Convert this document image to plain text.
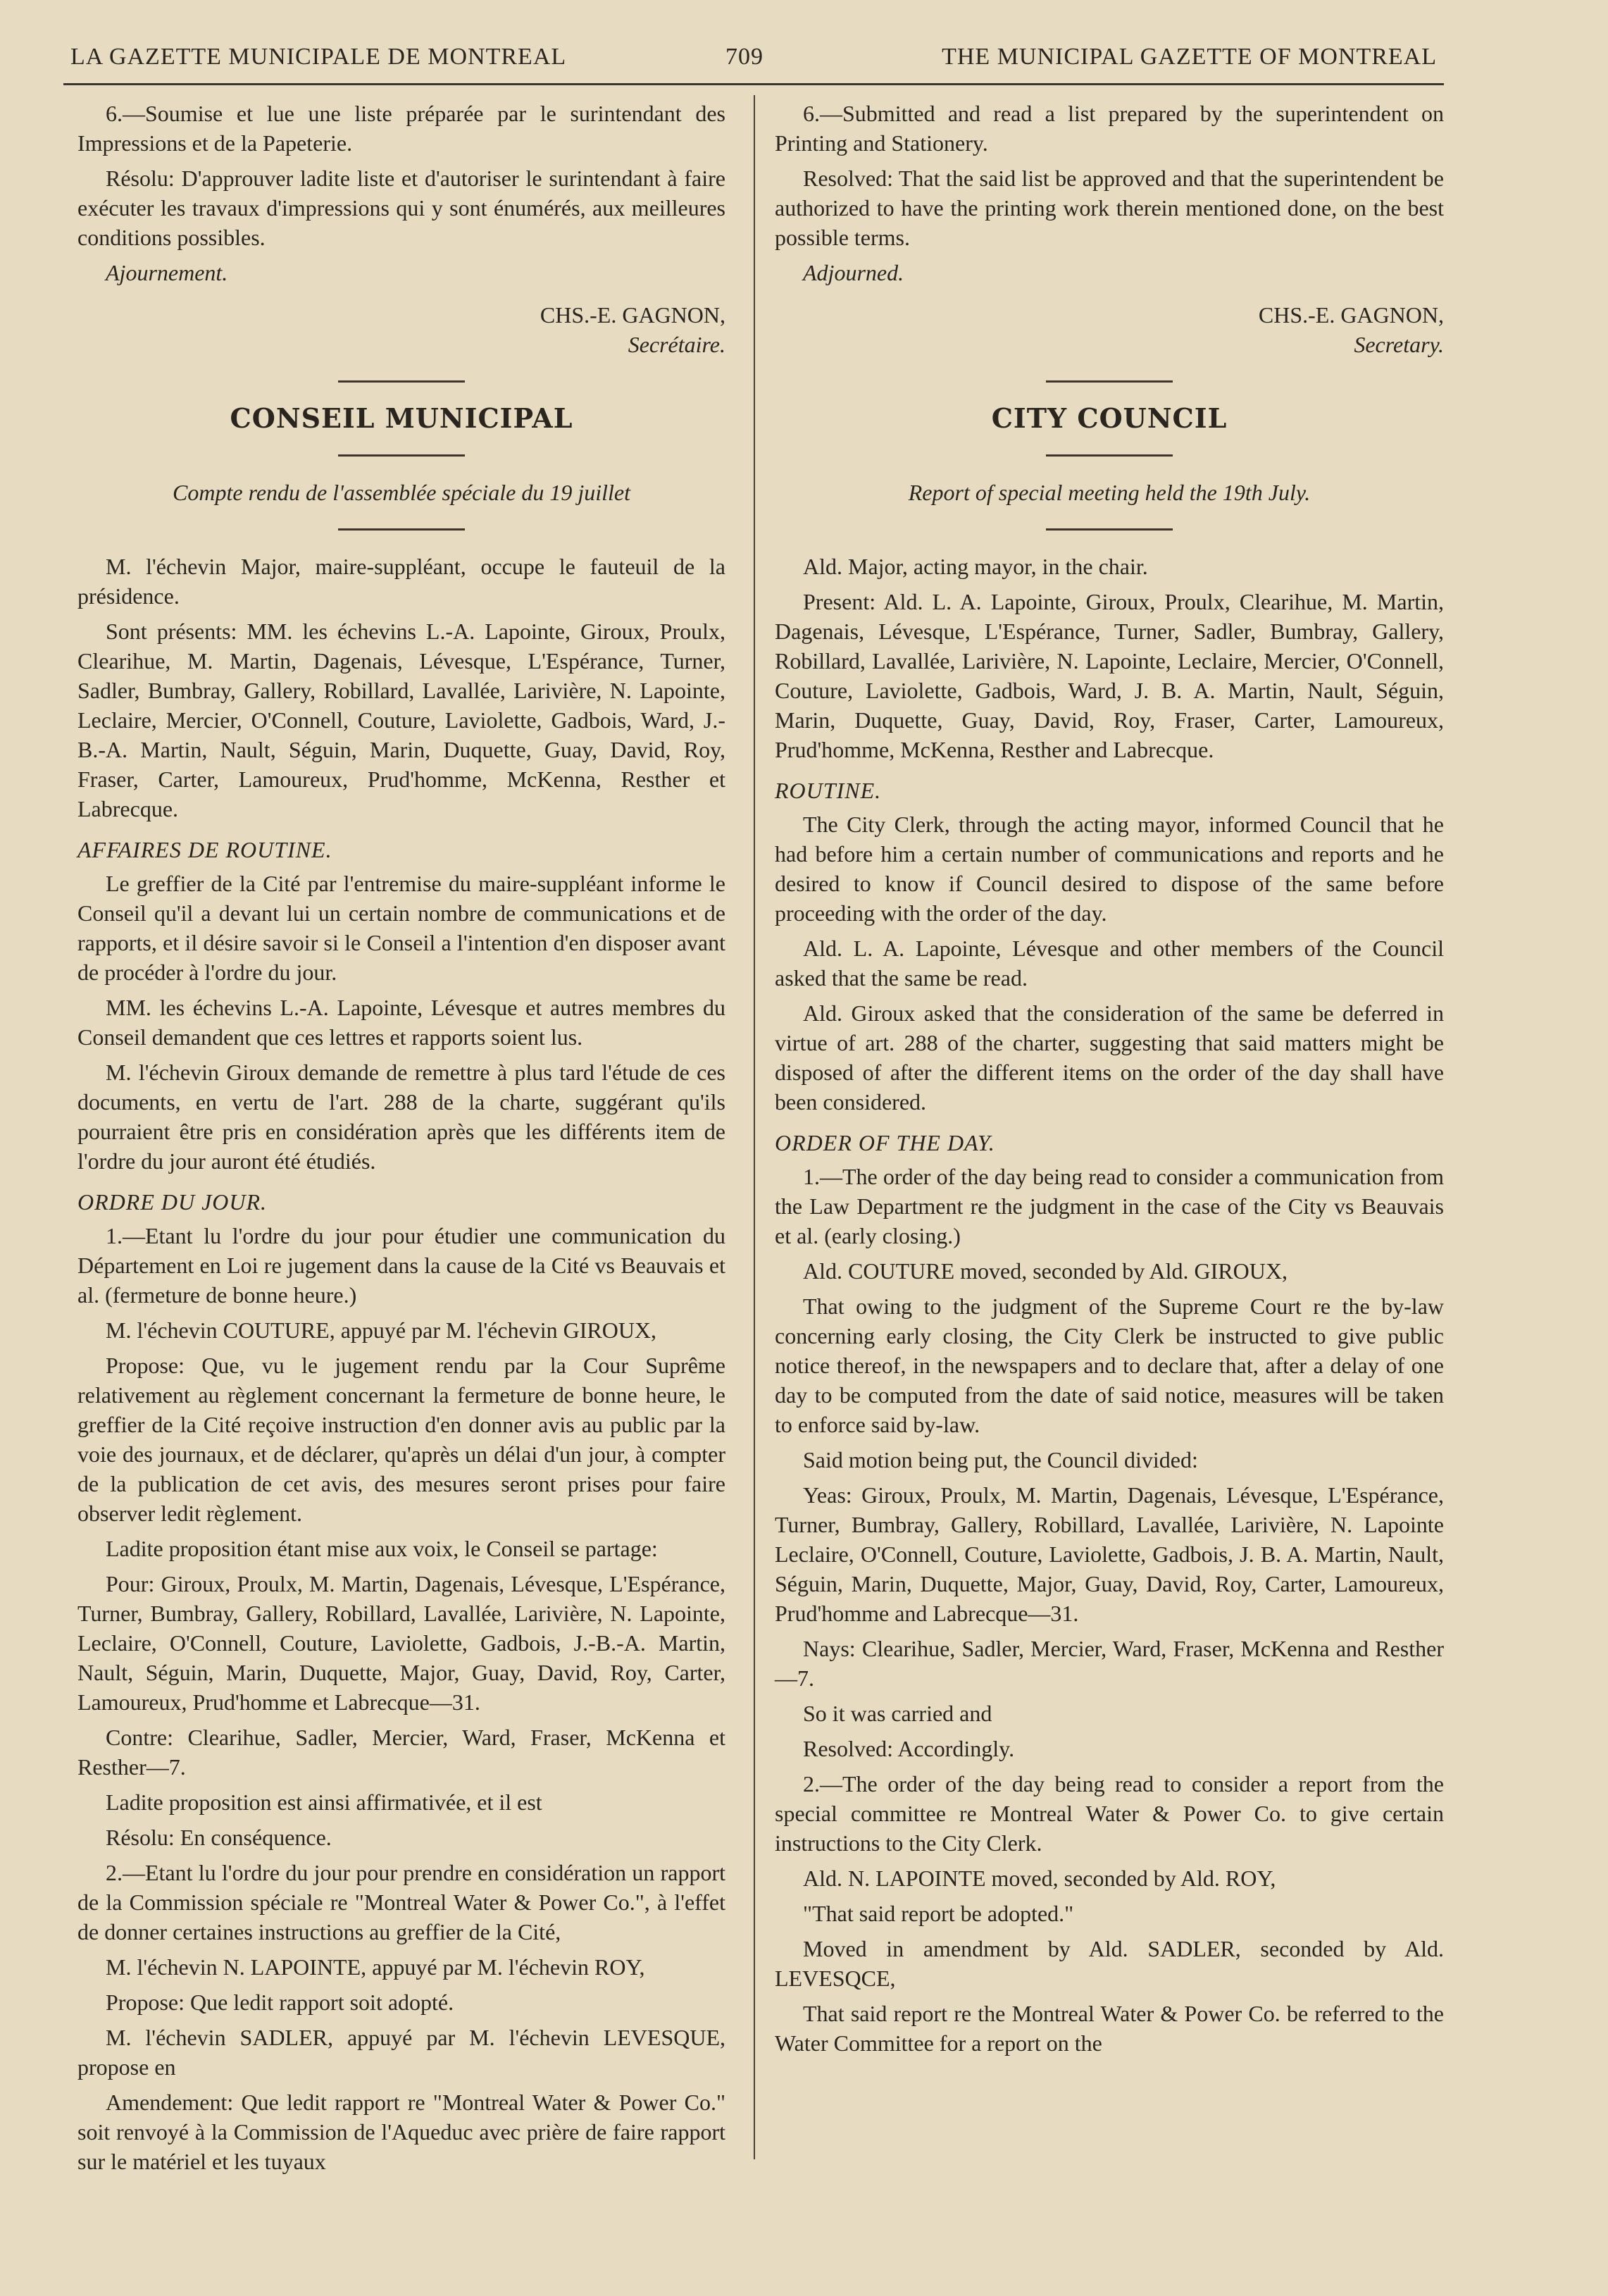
LA GAZETTE MUNICIPALE DE MONTREAL	709	THE MUNICIPAL GAZETTE OF MONTREAL

6.—Soumise et lue une liste préparée par le surintendant des Impressions et de la Papeterie.

Résolu: D'approuver ladite liste et d'autoriser le surintendant à faire exécuter les travaux d'impressions qui y sont énumérés, aux meilleures conditions possibles.

Ajournement.

CHS.-E. GAGNON,
Secrétaire.
CONSEIL MUNICIPAL
Compte rendu de l'assemblée spéciale du 19 juillet

M. l'échevin Major, maire-suppléant, occupe le fauteuil de la présidence.

Sont présents: MM. les échevins L.-A. Lapointe, Giroux, Proulx, Clearihue, M. Martin, Dagenais, Lévesque, L'Espérance, Turner, Sadler, Bumbray, Gallery, Robillard, Lavallée, Larivière, N. Lapointe, Leclaire, Mercier, O'Connell, Couture, Laviolette, Gadbois, Ward, J.-B.-A. Martin, Nault, Séguin, Marin, Duquette, Guay, David, Roy, Fraser, Carter, Lamoureux, Prud'homme, McKenna, Resther et Labrecque.

AFFAIRES DE ROUTINE.

Le greffier de la Cité par l'entremise du maire-suppléant informe le Conseil qu'il a devant lui un certain nombre de communications et de rapports, et il désire savoir si le Conseil a l'intention d'en disposer avant de procéder à l'ordre du jour.

MM. les échevins L.-A. Lapointe, Lévesque et autres membres du Conseil demandent que ces lettres et rapports soient lus.

M. l'échevin Giroux demande de remettre à plus tard l'étude de ces documents, en vertu de l'art. 288 de la charte, suggérant qu'ils pourraient être pris en considération après que les différents item de l'ordre du jour auront été étudiés.

ORDRE DU JOUR.

1.—Etant lu l'ordre du jour pour étudier une communication du Département en Loi re jugement dans la cause de la Cité vs Beauvais et al. (fermeture de bonne heure.)

M. l'échevin COUTURE, appuyé par M. l'échevin GIROUX,

Propose: Que, vu le jugement rendu par la Cour Suprême relativement au règlement concernant la fermeture de bonne heure, le greffier de la Cité reçoive instruction d'en donner avis au public par la voie des journaux, et de déclarer, qu'après un délai d'un jour, à compter de la publication de cet avis, des mesures seront prises pour faire observer ledit règlement.

Ladite proposition étant mise aux voix, le Conseil se partage:

Pour: Giroux, Proulx, M. Martin, Dagenais, Lévesque, L'Espérance, Turner, Bumbray, Gallery, Robillard, Lavallée, Larivière, N. Lapointe, Leclaire, O'Connell, Couture, Laviolette, Gadbois, J.-B.-A. Martin, Nault, Séguin, Marin, Duquette, Major, Guay, David, Roy, Carter, Lamoureux, Prud'homme et Labrecque—31.

Contre: Clearihue, Sadler, Mercier, Ward, Fraser, McKenna et Resther—7.

Ladite proposition est ainsi affirmativée, et il est

Résolu: En conséquence.

2.—Etant lu l'ordre du jour pour prendre en considération un rapport de la Commission spéciale re "Montreal Water & Power Co.", à l'effet de donner certaines instructions au greffier de la Cité,

M. l'échevin N. LAPOINTE, appuyé par M. l'échevin ROY,

Propose: Que ledit rapport soit adopté.

M. l'échevin SADLER, appuyé par M. l'échevin LEVESQUE, propose en

Amendement: Que ledit rapport re "Montreal Water & Power Co." soit renvoyé à la Commission de l'Aqueduc avec prière de faire rapport sur le matériel et les tuyaux

6.—Submitted and read a list prepared by the superintendent on Printing and Stationery.

Resolved: That the said list be approved and that the superintendent be authorized to have the printing work therein mentioned done, on the best possible terms.

Adjourned.

CHS.-E. GAGNON,
Secretary.
CITY COUNCIL
Report of special meeting held the 19th July.

Ald. Major, acting mayor, in the chair.

Present: Ald. L. A. Lapointe, Giroux, Proulx, Clearihue, M. Martin, Dagenais, Lévesque, L'Espérance, Turner, Sadler, Bumbray, Gallery, Robillard, Lavallée, Larivière, N. Lapointe, Leclaire, Mercier, O'Connell, Couture, Laviolette, Gadbois, Ward, J. B. A. Martin, Nault, Séguin, Marin, Duquette, Guay, David, Roy, Fraser, Carter, Lamoureux, Prud'homme, McKenna, Resther and Labrecque.

ROUTINE.

The City Clerk, through the acting mayor, informed Council that he had before him a certain number of communications and reports and he desired to know if Council desired to dispose of the same before proceeding with the order of the day.

Ald. L. A. Lapointe, Lévesque and other members of the Council asked that the same be read.

Ald. Giroux asked that the consideration of the same be deferred in virtue of art. 288 of the charter, suggesting that said matters might be disposed of after the different items on the order of the day shall have been considered.

ORDER OF THE DAY.

1.—The order of the day being read to consider a communication from the Law Department re the judgment in the case of the City vs Beauvais et al. (early closing.)

Ald. COUTURE moved, seconded by Ald. GIROUX,

That owing to the judgment of the Supreme Court re the by-law concerning early closing, the City Clerk be instructed to give public notice thereof, in the newspapers and to declare that, after a delay of one day to be computed from the date of said notice, measures will be taken to enforce said by-law.

Said motion being put, the Council divided:

Yeas: Giroux, Proulx, M. Martin, Dagenais, Lévesque, L'Espérance, Turner, Bumbray, Gallery, Robillard, Lavallée, Larivière, N. Lapointe Leclaire, O'Connell, Couture, Laviolette, Gadbois, J. B. A. Martin, Nault, Séguin, Marin, Duquette, Major, Guay, David, Roy, Carter, Lamoureux, Prud'homme and Labrecque—31.

Nays: Clearihue, Sadler, Mercier, Ward, Fraser, McKenna and Resther—7.

So it was carried and

Resolved: Accordingly.

2.—The order of the day being read to consider a report from the special committee re Montreal Water & Power Co. to give certain instructions to the City Clerk.

Ald. N. LAPOINTE moved, seconded by Ald. ROY,

"That said report be adopted."

Moved in amendment by Ald. SADLER, seconded by Ald. LEVESQCE,

That said report re the Montreal Water & Power Co. be referred to the Water Committee for a report on the
